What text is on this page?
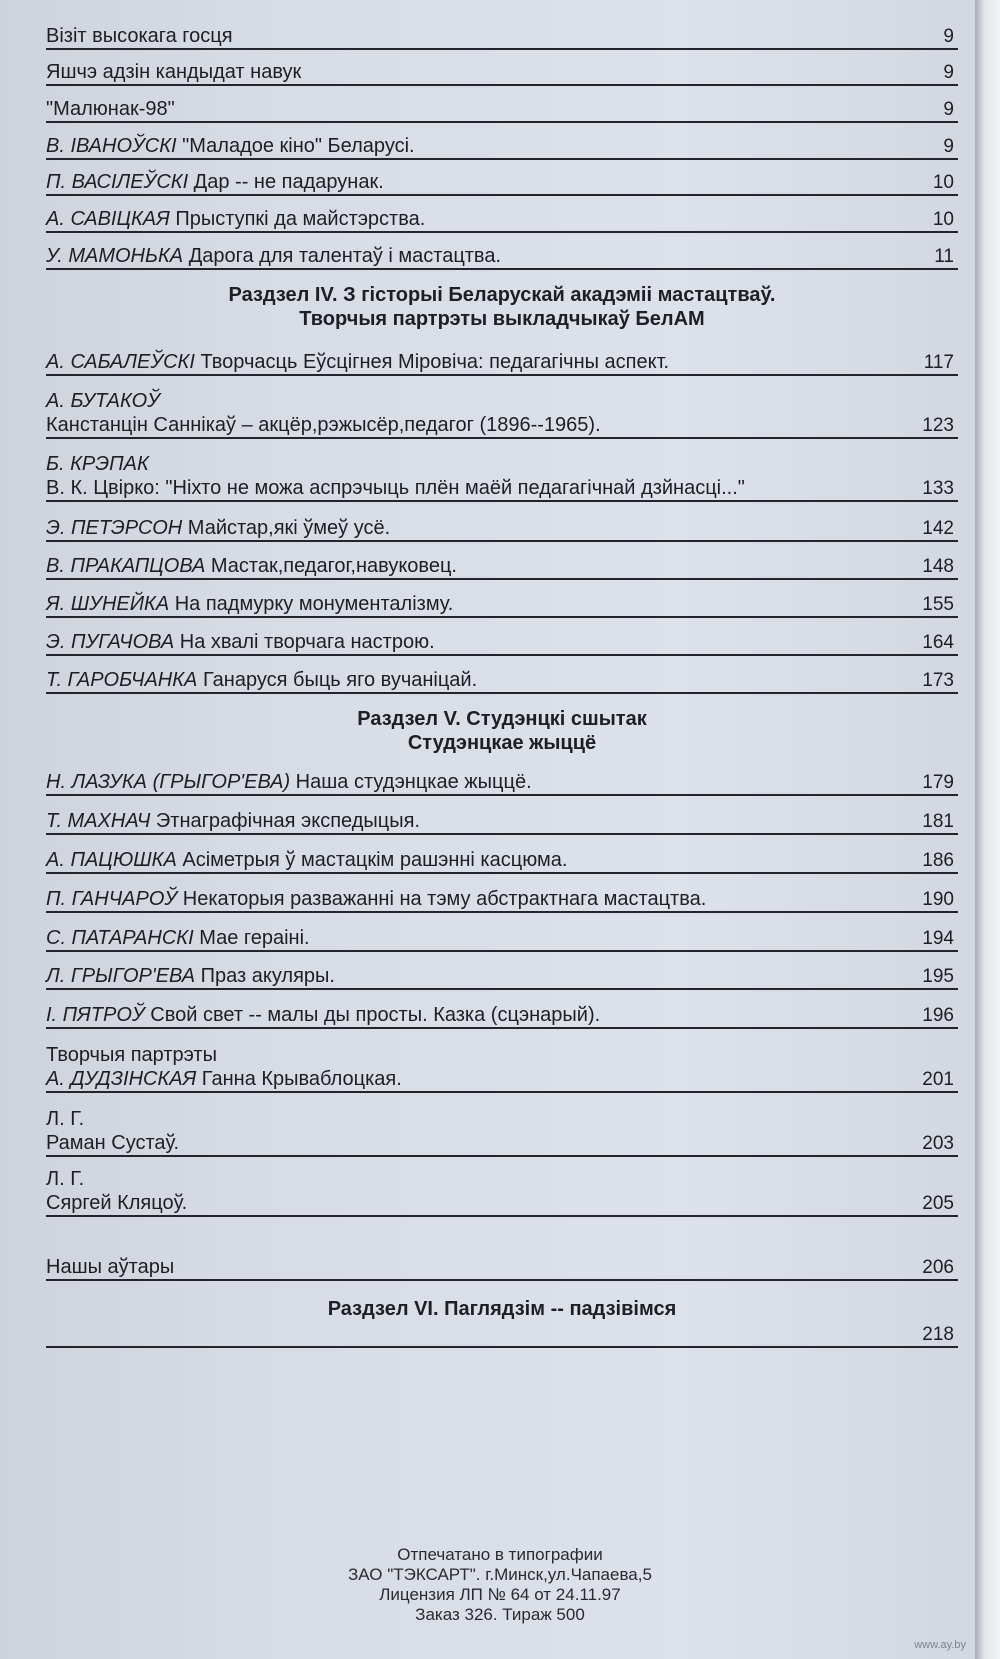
Візіт высокага госця	9
Яшчэ адзін кандыдат навук	9
"Малюнак-98"	9
В. ІВАНОЎСКІ "Маладое кіно" Беларусі.	9
П. ВАСІЛЕЎСКІ Дар -- не падарунак.	10
А. САВІЦКАЯ Прыступкі да майстэрства.	10
У. МАМОНЬКА Дарога для талентаў і мастацтва.	11
Раздзел IV. З гісторыі Беларускай акадэміі мастацтваў.
Творчыя партрэты выкладчыкаў БелАМ
А. САБАЛЕЎСКІ Творчасць Еўсцігнея Міровіча: педагагічны аспект.	117
А. БУТАКОЎ
Канстанцін Саннікаў – акцёр,рэжысёр,педагог (1896--1965).	123
Б. КРЭПАК
В. К. Цвірко: "Ніхто не можа аспрэчыць плён маёй педагагічнай дзйнасці..."	133
Э. ПЕТЭРСОН Майстар,які ўмеў усё.	142
В. ПРАКАПЦОВА Мастак,педагог,навуковец.	148
Я. ШУНЕЙКА На падмурку монументалізму.	155
Э. ПУГАЧОВА На хвалі творчага настрою.	164
Т. ГАРОБЧАНКА Ганаруся быць яго вучаніцай.	173
Раздзел V. Студэнцкі сшытак
Студэнцкае жыццё
Н. ЛАЗУКА (ГРЫГОР'ЕВА) Наша студэнцкае жыццё.	179
Т. МАХНАЧ Этнаграфічная экспедыцыя.	181
А. ПАЦЮШКА Асіметрыя ў мастацкім рашэнні касцюма.	186
П. ГАНЧАРОЎ Некаторыя разважанні на тэму абстрактнага мастацтва.	190
С. ПАТАРАНСКІ Мае гераіні.	194
Л. ГРЫГОР'ЕВА Праз акуляры.	195
І. ПЯТРОЎ Свой свет -- малы ды просты. Казка (сцэнарый).	196
Творчыя партрэты
А. ДУДЗІНСКАЯ Ганна Крываблоцкая.	201
Л. Г.
Раман Сустаў.	203
Л. Г.
Сяргей Кляцоў.	205
Нашы аўтары	206
Раздзел VI. Паглядзім -- падзівімся
218
Отпечатано в типографии
ЗАО "ТЭКСАРТ". г.Минск,ул.Чапаева,5
Лицензия ЛП № 64 от 24.11.97
Заказ 326. Тираж 500
www.ay.by
